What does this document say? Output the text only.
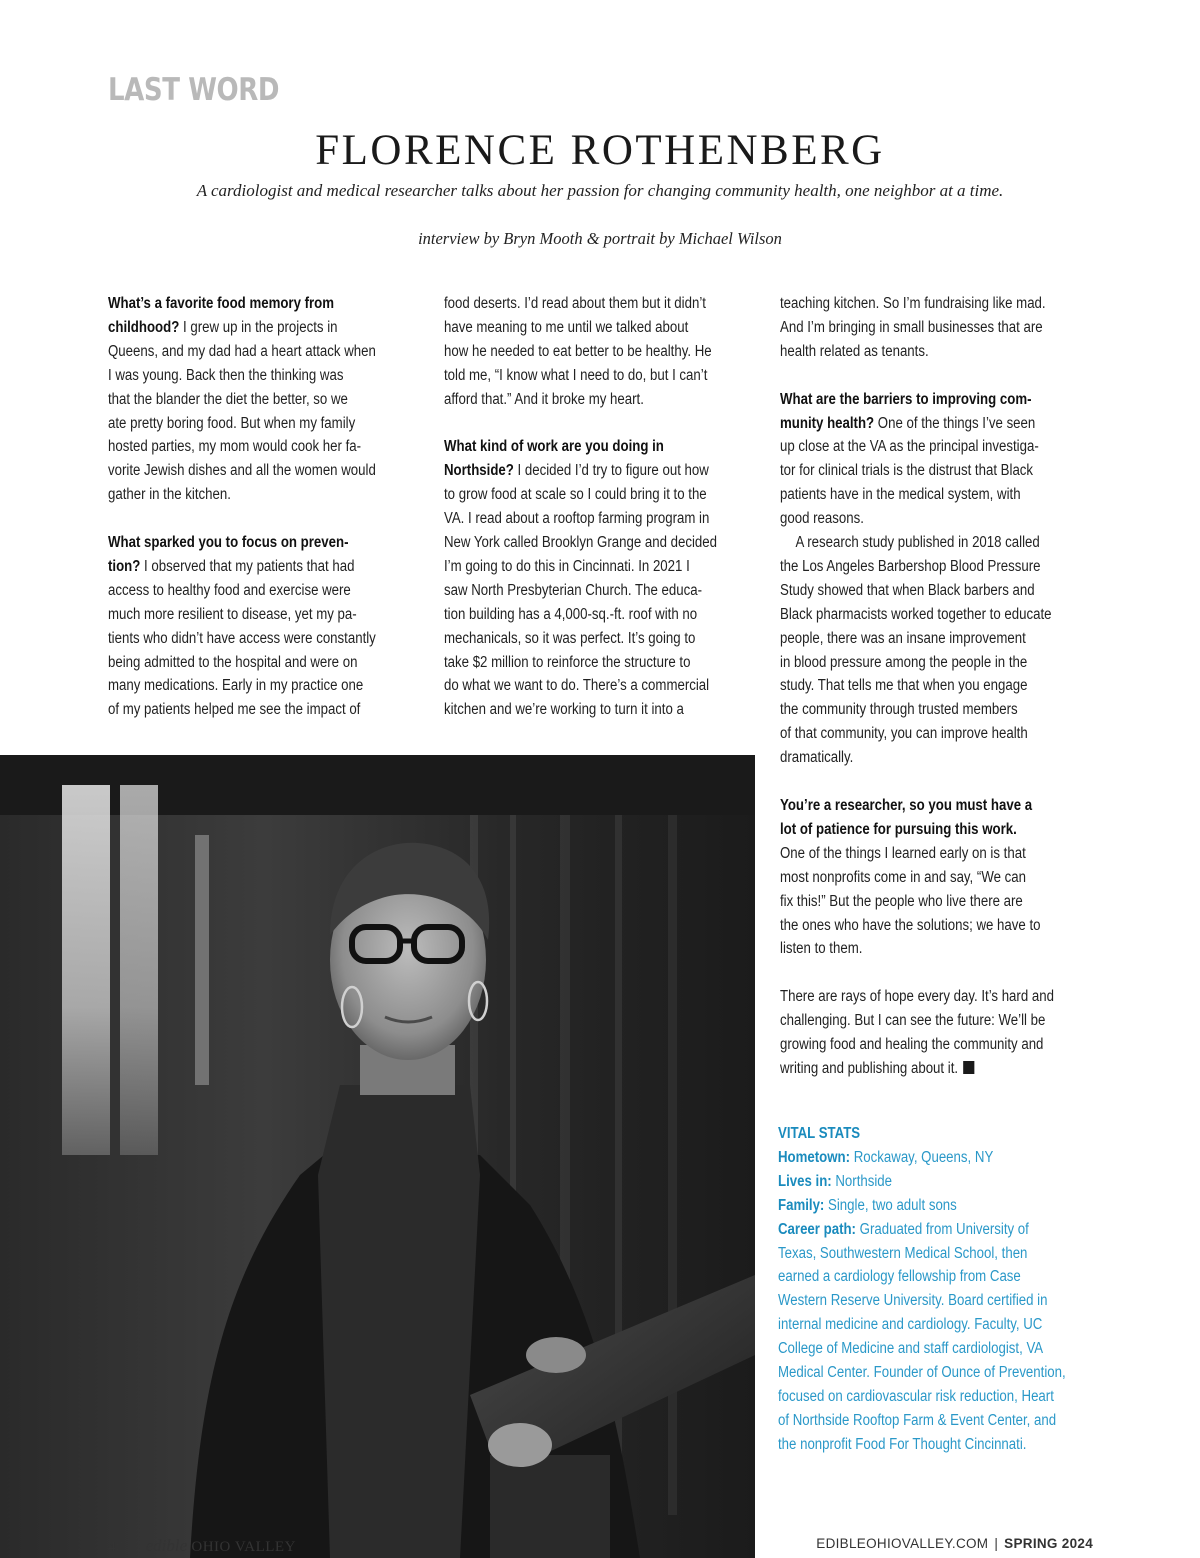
LAST WORD
FLORENCE ROTHENBERG
A cardiologist and medical researcher talks about her passion for changing community health, one neighbor at a time.
interview by Bryn Mooth & portrait by Michael Wilson
What’s a favorite food memory from
childhood? I grew up in the projects in
Queens, and my dad had a heart attack when
I was young. Back then the thinking was
that the blander the diet the better, so we
ate pretty boring food. But when my family
hosted parties, my mom would cook her fa-
vorite Jewish dishes and all the women would
gather in the kitchen.
What sparked you to focus on preven-
tion? I observed that my patients that had
access to healthy food and exercise were
much more resilient to disease, yet my pa-
tients who didn’t have access were constantly
being admitted to the hospital and were on
many medications. Early in my practice one
of my patients helped me see the impact of
food deserts. I’d read about them but it didn’t
have meaning to me until we talked about
how he needed to eat better to be healthy. He
told me, “I know what I need to do, but I can’t
afford that.” And it broke my heart.
What kind of work are you doing in
Northside? I decided I’d try to figure out how
to grow food at scale so I could bring it to the
VA. I read about a rooftop farming program in
New York called Brooklyn Grange and decided
I’m going to do this in Cincinnati. In 2021 I
saw North Presbyterian Church. The educa-
tion building has a 4,000-sq.-ft. roof with no
mechanicals, so it was perfect. It’s going to
take $2 million to reinforce the structure to
do what we want to do. There’s a commercial
kitchen and we’re working to turn it into a
teaching kitchen. So I’m fundraising like mad.
And I’m bringing in small businesses that are
health related as tenants.
What are the barriers to improving com-
munity health? One of the things I’ve seen
up close at the VA as the principal investiga-
tor for clinical trials is the distrust that Black
patients have in the medical system, with
good reasons.
A research study published in 2018 called
the Los Angeles Barbershop Blood Pressure
Study showed that when Black barbers and
Black pharmacists worked together to educate
people, there was an insane improvement
in blood pressure among the people in the
study. That tells me that when you engage
the community through trusted members
of that community, you can improve health
dramatically.
You’re a researcher, so you must have a
lot of patience for pursuing this work.
One of the things I learned early on is that
most nonprofits come in and say, “We can
fix this!” But the people who live there are
the ones who have the solutions; we have to
listen to them.
There are rays of hope every day. It’s hard and
challenging. But I can see the future: We’ll be
growing food and healing the community and
writing and publishing about it.
VITAL STATS
Hometown: Rockaway, Queens, NY
Lives in: Northside
Family: Single, two adult sons
Career path: Graduated from University of
Texas, Southwestern Medical School, then
earned a cardiology fellowship from Case
Western Reserve University. Board certified in
internal medicine and cardiology. Faculty, UC
College of Medicine and staff cardiologist, VA
Medical Center. Founder of Ounce of Prevention,
focused on cardiovascular risk reduction, Heart
of Northside Rooftop Farm & Event Center, and
the nonprofit Food For Thought Cincinnati.
48 edible OHIO VALLEY	EDIBLEOHIOVALLEY.COM | SPRING 2024
